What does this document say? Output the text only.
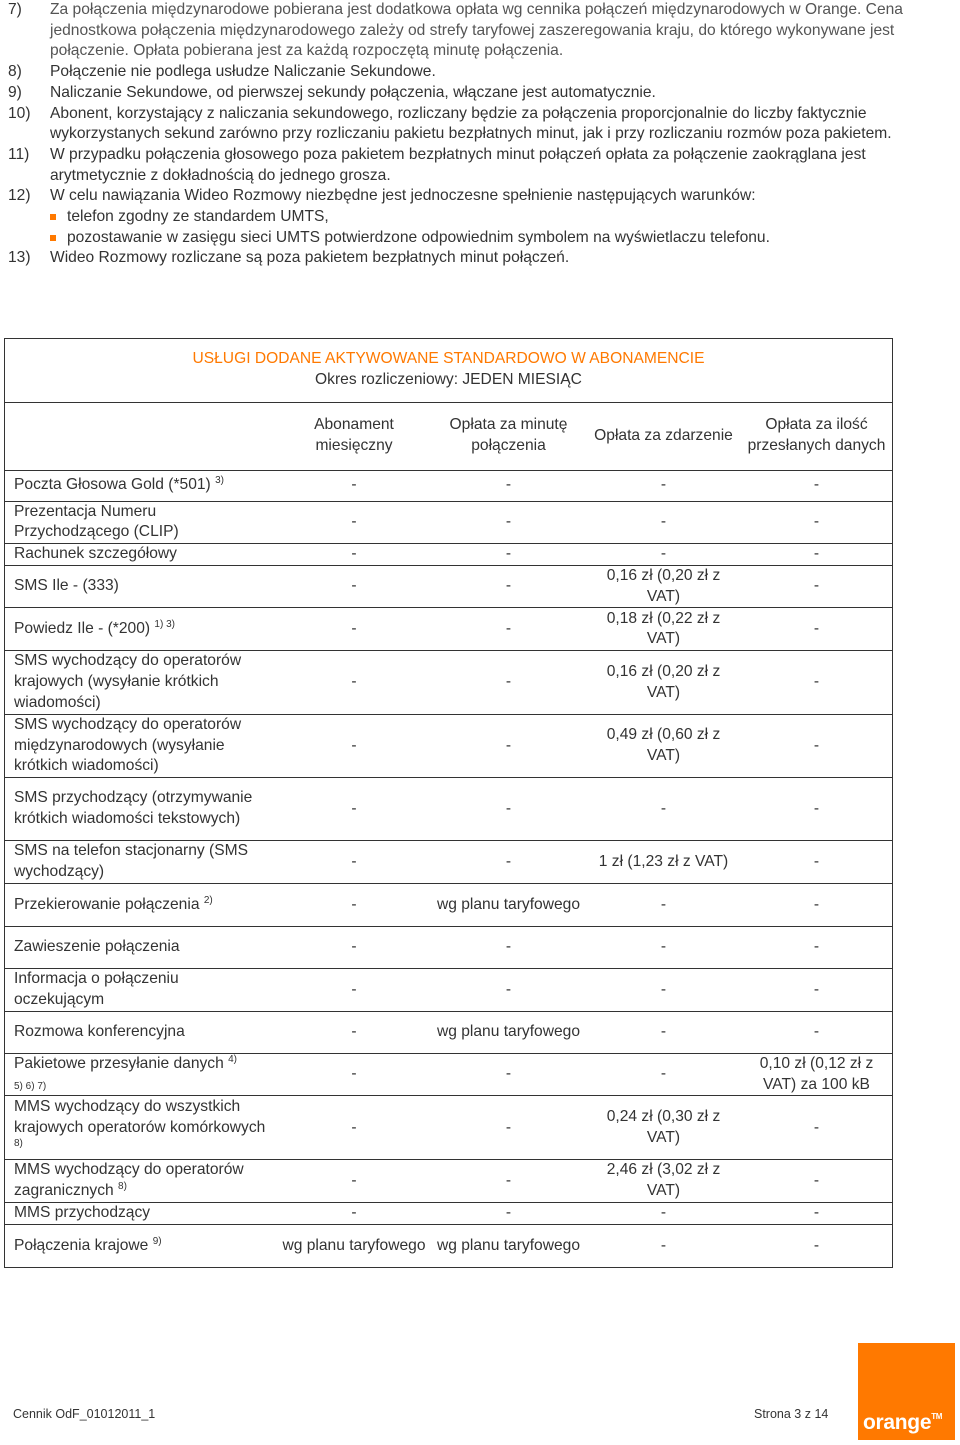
7) Za połączenia międzynarodowe pobierana jest dodatkowa opłata wg cennika połączeń międzynarodowych w Orange. Cena jednostkowa połączenia międzynarodowego zależy od strefy taryfowej zaszeregowania kraju, do którego wykonywane jest połączenie. Opłata pobierana jest za każdą rozpoczętą minutę połączenia.
8) Połączenie nie podlega usłudze Naliczanie Sekundowe.
9) Naliczanie Sekundowe, od pierwszej sekundy połączenia, włączane jest automatycznie.
10) Abonent, korzystający z naliczania sekundowego, rozliczany będzie za połączenia proporcjonalnie do liczby faktycznie wykorzystanych sekund zarówno przy rozliczaniu pakietu bezpłatnych minut, jak i przy rozliczaniu rozmów poza pakietem.
11) W przypadku połączenia głosowego poza pakietem bezpłatnych minut połączeń opłata za połączenie zaokrąglana jest arytmetycznie z dokładnością do jednego grosza.
12) W celu nawiązania Wideo Rozmowy niezbędne jest jednoczesne spełnienie następujących warunków:
telefon zgodny ze standardem UMTS,
pozostawanie w zasięgu sieci UMTS potwierdzone odpowiednim symbolem na wyświetlaczu telefonu.
13) Wideo Rozmowy rozliczane są poza pakietem bezpłatnych minut połączeń.
USŁUGI DODANE AKTYWOWANE STANDARDOWO W ABONAMENCIE
Okres rozliczeniowy: JEDEN MIESIĄC
	Abonament miesięczny	Opłata za minutę połączenia	Opłata za zdarzenie	Opłata za ilość przesłanych danych
Poczta Głosowa Gold (*501) $^{3)}$	-	-	-	-
Prezentacja Numeru Przychodzącego (CLIP)	-	-	-	-
Rachunek szczegółowy	-	-	-	-
SMS Ile - (333)	-	-	0,16 zł (0,20 zł z VAT)	-
Powiedz Ile - (*200) $^{1) 3)}$	-	-	0,18 zł (0,22 zł z VAT)	-
SMS wychodzący do operatorów krajowych (wysyłanie krótkich wiadomości)	-	-	0,16 zł (0,20 zł z VAT)	-
SMS wychodzący do operatorów międzynarodowych (wysyłanie krótkich wiadomości)	-	-	0,49 zł (0,60 zł z VAT)	-
SMS przychodzący (otrzymywanie krótkich wiadomości tekstowych)	-	-	-	-
SMS na telefon stacjonarny (SMS wychodzący)	-	-	1 zł (1,23 zł z VAT)	-
Przekierowanie połączenia $^{2)}$	-	wg planu taryfowego	-	-
Zawieszenie połączenia	-	-	-	-
Informacja o połączeniu oczekującym	-	-	-	-
Rozmowa konferencyjna	-	wg planu taryfowego	-	-
Pakietowe przesyłanie danych $^{4)}$
5) 6) 7)	-	-	-	0,10 zł (0,12 zł z VAT) za 100 kB
MMS wychodzący do wszystkich krajowych operatorów komórkowych $^{8)}$	-	-	0,24 zł (0,30 zł z VAT)	-
MMS wychodzący do operatorów zagranicznych $^{8)}$	-	-	2,46 zł (3,02 zł z VAT)	-
MMS przychodzący	-	-	-	-
Połączenia krajowe $^{9)}$	wg planu taryfowego	wg planu taryfowego	-	-
Cennik OdF_01012011_1	Strona 3 z 14 orange™
